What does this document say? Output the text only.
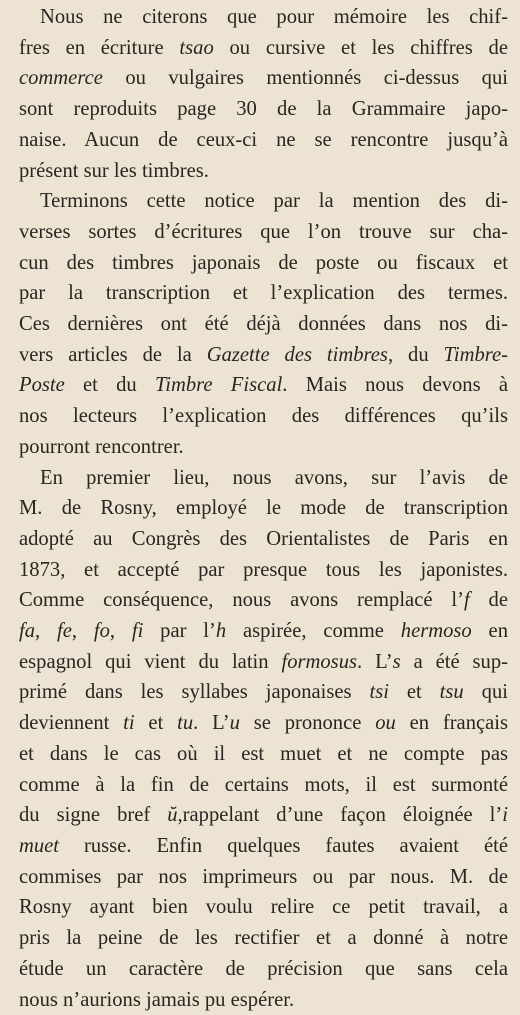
Nous ne citerons que pour mémoire les chif-
fres en écriture tsao ou cursive et les chiffres de
commerce ou vulgaires mentionnés ci-dessus qui
sont reproduits page 30 de la Grammaire japo-
naise. Aucun de ceux-ci ne se rencontre jusqu’à
présent sur les timbres.

Terminons cette notice par la mention des di-
verses sortes d’écritures que l’on trouve sur cha-
cun des timbres japonais de poste ou fiscaux et
par la transcription et l’explication des termes.
Ces dernières ont été déjà données dans nos di-
vers articles de la Gazette des timbres, du Timbre-
Poste et du Timbre Fiscal. Mais nous devons à
nos lecteurs l’explication des différences qu’ils
pourront rencontrer.

En premier lieu, nous avons, sur l’avis de
M. de Rosny, employé le mode de transcription
adopté au Congrès des Orientalistes de Paris en
1873, et accepté par presque tous les japonistes.
Comme conséquence, nous avons remplacé l’f de
fa, fe, fo, fi par l’h aspirée, comme hermoso en
espagnol qui vient du latin formosus. L’s a été sup-
primé dans les syllabes japonaises tsi et tsu qui
deviennent ti et tu. L’u se prononce ou en français
et dans le cas où il est muet et ne compte pas
comme à la fin de certains mots, il est surmonté
du signe bref ŭ,rappelant d’une façon éloignée l’i
muet russe. Enfin quelques fautes avaient été
commises par nos imprimeurs ou par nous. M. de
Rosny ayant bien voulu relire ce petit travail, a
pris la peine de les rectifier et a donné à notre
étude un caractère de précision que sans cela
nous n’aurions jamais pu espérer.
